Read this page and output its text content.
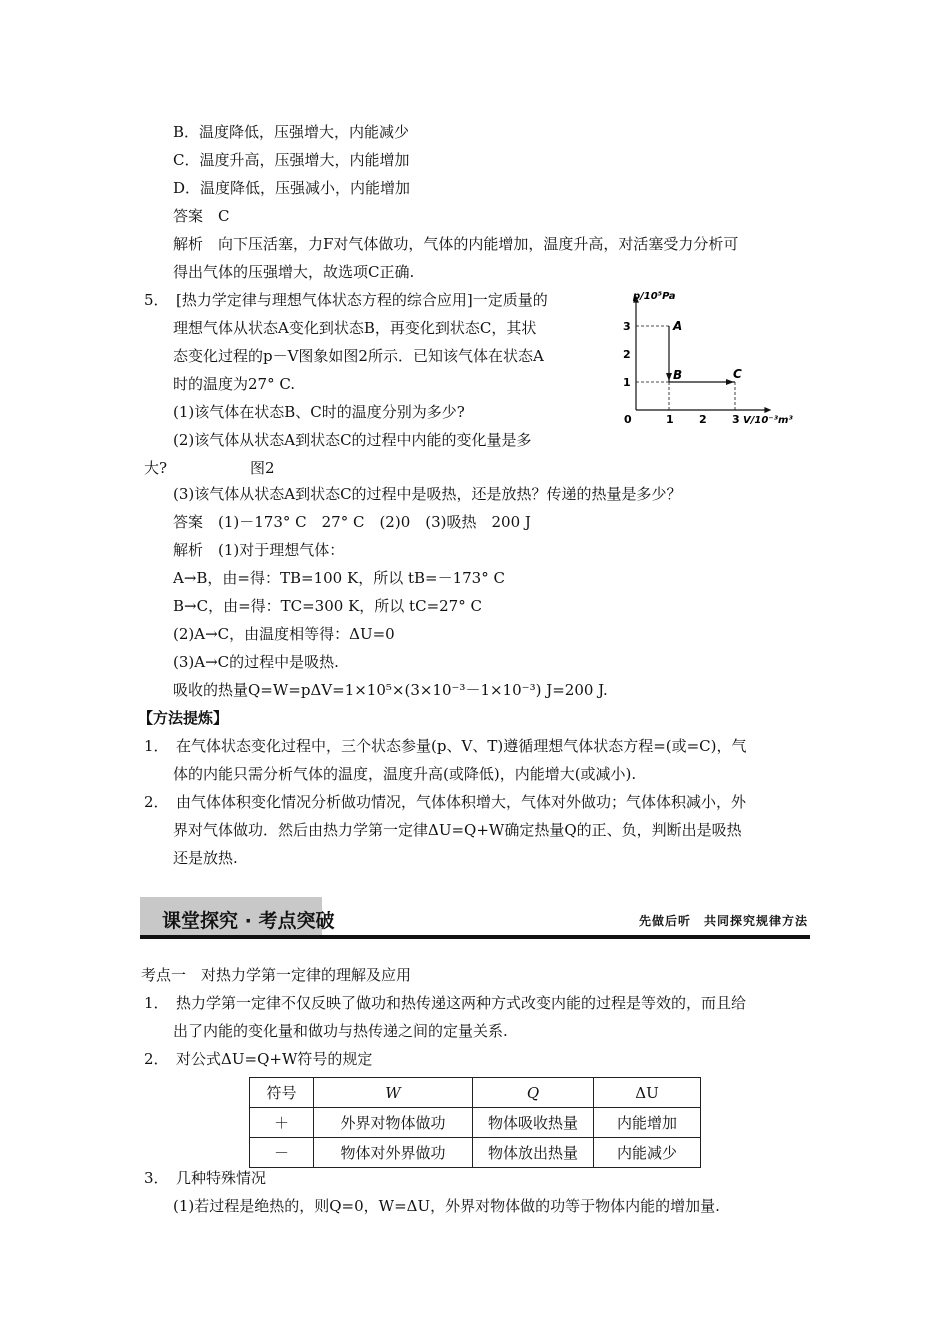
B．温度降低，压强增大，内能减少
C．温度升高，压强增大，内能增加
D．温度降低，压强减小，内能增加
答案　C
解析　向下压活塞，力F对气体做功，气体的内能增加，温度升高，对活塞受力分析可
得出气体的压强增大，故选项C正确.
5．　[热力学定律与理想气体状态方程的综合应用]一定质量的
理想气体从状态A变化到状态B，再变化到状态C，其状
态变化过程的p－V图象如图2所示．已知该气体在状态A
时的温度为27° C.
(1)该气体在状态B、C时的温度分别为多少?
(2)该气体从状态A到状态C的过程中内能的变化量是多
大?	图2
(3)该气体从状态A到状态C的过程中是吸热，还是放热？传递的热量是多少？
答案　(1)－173° C　27° C　(2)0　(3)吸热　200 J
解析　(1)对于理想气体：
A→B，由=得：TB=100 K，所以 tB=－173° C
B→C，由=得：TC=300 K，所以 tC=27° C
(2)A→C，由温度相等得：ΔU=0
(3)A→C的过程中是吸热.
吸收的热量Q=W=pΔV=1×10⁵×(3×10⁻³－1×10⁻³) J=200 J.
【方法提炼】
1．　在气体状态变化过程中，三个状态参量(p、V、T)遵循理想气体状态方程=(或=C)，气
体的内能只需分析气体的温度，温度升高(或降低)，内能增大(或减小).
2．　由气体体积变化情况分析做功情况，气体体积增大，气体对外做功；气体体积减小，外
界对气体做功．然后由热力学第一定律ΔU=Q+W确定热量Q的正、负，判断出是吸热
还是放热.
课堂探究 · 考点突破	先做后听　共同探究规律方法
考点一　对热力学第一定律的理解及应用
1．　热力学第一定律不仅反映了做功和热传递这两种方式改变内能的过程是等效的，而且给
出了内能的变化量和做功与热传递之间的定量关系.
2．　对公式ΔU=Q+W符号的规定
符号	W	Q	ΔU
＋	外界对物体做功	物体吸收热量	内能增加
－	物体对外界做功	物体放出热量	内能减少
3．　几种特殊情况
(1)若过程是绝热的，则Q=0，W=ΔU，外界对物体做的功等于物体内能的增加量.
p/10⁵Pa
V/10⁻³m³
0	1 2 3
1
2
3	A
B	C
